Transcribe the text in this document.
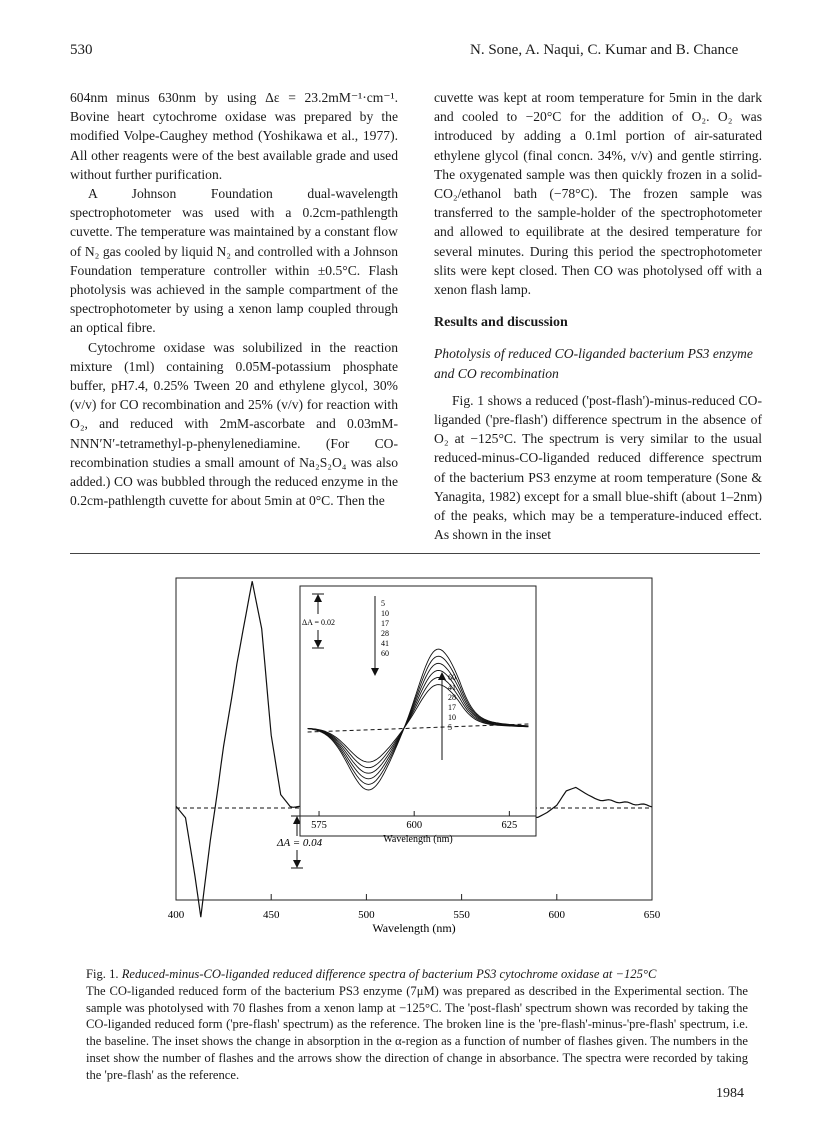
530	N. Sone, A. Naqui, C. Kumar and B. Chance

604nm minus 630nm by using Δε = 23.2mM⁻¹·cm⁻¹. Bovine heart cytochrome oxidase was prepared by the modified Volpe-Caughey method (Yoshikawa et al., 1977). All other reagents were of the best available grade and used without further purification.

A Johnson Foundation dual-wavelength spectrophotometer was used with a 0.2cm-pathlength cuvette. The temperature was maintained by a constant flow of N₂ gas cooled by liquid N₂ and controlled with a Johnson Foundation temperature controller within ±0.5°C. Flash photolysis was achieved in the sample compartment of the spectrophotometer by using a xenon lamp coupled through an optical fibre.

Cytochrome oxidase was solubilized in the reaction mixture (1ml) containing 0.05M-potassium phosphate buffer, pH7.4, 0.25% Tween 20 and ethylene glycol, 30% (v/v) for CO recombination and 25% (v/v) for reaction with O₂, and reduced with 2mM-ascorbate and 0.03mM-NNN′N′-tetramethyl-p-phenylenediamine. (For CO-recombination studies a small amount of Na₂S₂O₄ was also added.) CO was bubbled through the reduced enzyme in the 0.2cm-pathlength cuvette for about 5min at 0°C. Then the

cuvette was kept at room temperature for 5min in the dark and cooled to −20°C for the addition of O₂. O₂ was introduced by adding a 0.1ml portion of air-saturated ethylene glycol (final concn. 34%, v/v) and gentle stirring. The oxygenated sample was then quickly frozen in a solid-CO₂/ethanol bath (−78°C). The frozen sample was transferred to the sample-holder of the spectrophotometer and allowed to equilibrate at the desired temperature for several minutes. During this period the spectrophotometer slits were kept closed. Then CO was photolysed off with a xenon flash lamp.

Results and discussion
Photolysis of reduced CO-liganded bacterium PS3 enzyme and CO recombination

Fig. 1 shows a reduced ('post-flash')-minus-reduced CO-liganded ('pre-flash') difference spectrum in the absence of O₂ at −125°C. The spectrum is very similar to the usual reduced-minus-CO-liganded reduced difference spectrum of the bacterium PS3 enzyme at room temperature (Sone & Yanagita, 1982) except for a small blue-shift (about 1–2nm) of the peaks, which may be a temperature-induced effect. As shown in the inset

400	450	500	550	600	650
Wavelength (nm)
ΔA = 0.04
575	600	625
Wavelength (nm)
ΔA = 0.02
5
10
17
28
41
60
60
41
28
17
10
5
Fig. 1. Reduced-minus-CO-liganded reduced difference spectra of bacterium PS3 cytochrome oxidase at −125°C
The CO-liganded reduced form of the bacterium PS3 enzyme (7μM) was prepared as described in the Experimental section. The sample was photolysed with 70 flashes from a xenon lamp at −125°C. The 'post-flash' spectrum shown was recorded by taking the CO-liganded reduced form ('pre-flash' spectrum) as the reference. The broken line is the 'pre-flash'-minus-'pre-flash' spectrum, i.e. the baseline. The inset shows the change in absorption in the α-region as a function of number of flashes given. The numbers in the inset show the number of flashes and the arrows show the direction of change in absorbance. The spectra were recorded by taking the 'pre-flash' as the reference.
1984
